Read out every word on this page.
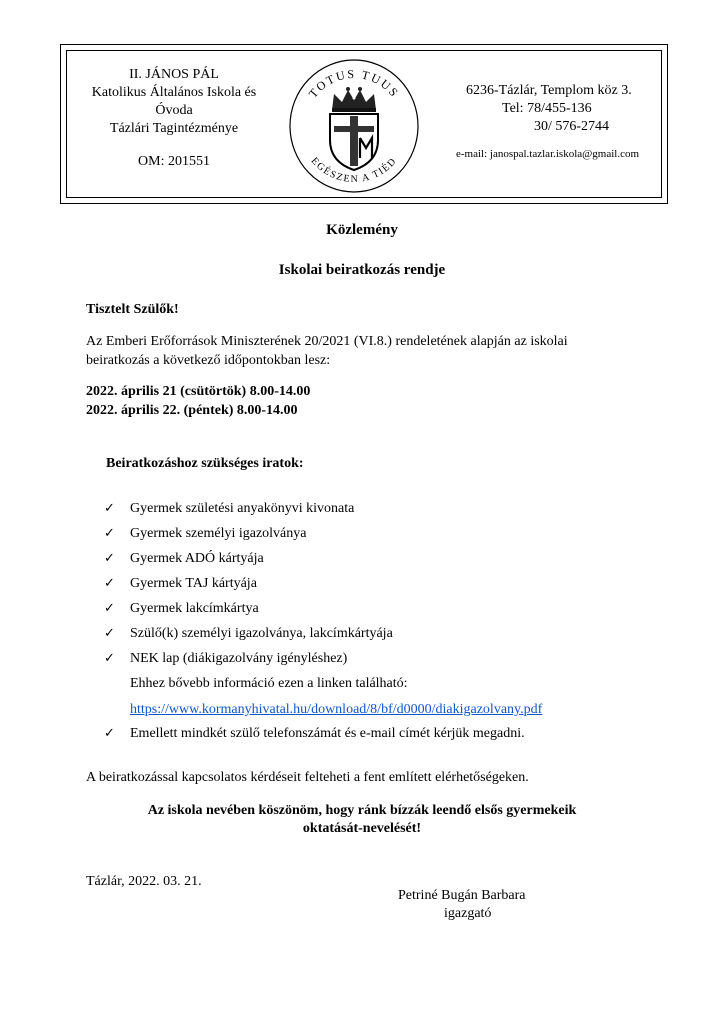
II. JÁNOS PÁL
Katolikus Általános Iskola és
Óvoda
Tázlári Tagintézménye
OM: 201551
TOTUS TUUS
EGÉSZEN A TIÉD
6236-Tázlár, Templom köz 3.
Tel: 78/455-136
30/ 576-2744
e-mail: janospal.tazlar.iskola@gmail.com
Közlemény
Iskolai beiratkozás rendje
Tisztelt Szülők!
Az Emberi Erőforrások Miniszterének 20/2021 (VI.8.) rendeletének alapján az iskolai
beiratkozás a következő időpontokban lesz:
2022. április 21 (csütörtök) 8.00-14.00
2022. április 22. (péntek) 8.00-14.00
Beiratkozáshoz szükséges iratok:
✓ Gyermek születési anyakönyvi kivonata
✓ Gyermek személyi igazolványa
✓ Gyermek ADÓ kártyája
✓ Gyermek TAJ kártyája
✓ Gyermek lakcímkártya
✓ Szülő(k) személyi igazolványa, lakcímkártyája
✓ NEK lap (diákigazolvány igényléshez)
Ehhez bővebb információ ezen a linken található:
https://www.kormanyhivatal.hu/download/8/bf/d0000/diakigazolvany.pdf
✓ Emellett mindkét szülő telefonszámát és e-mail címét kérjük megadni.
A beiratkozással kapcsolatos kérdéseit felteheti a fent említett elérhetőségeken.
Az iskola nevében köszönöm, hogy ránk bízzák leendő elsős gyermekeik
oktatását-nevelését!
Tázlár, 2022. 03. 21.
Petriné Bugán Barbara
igazgató
